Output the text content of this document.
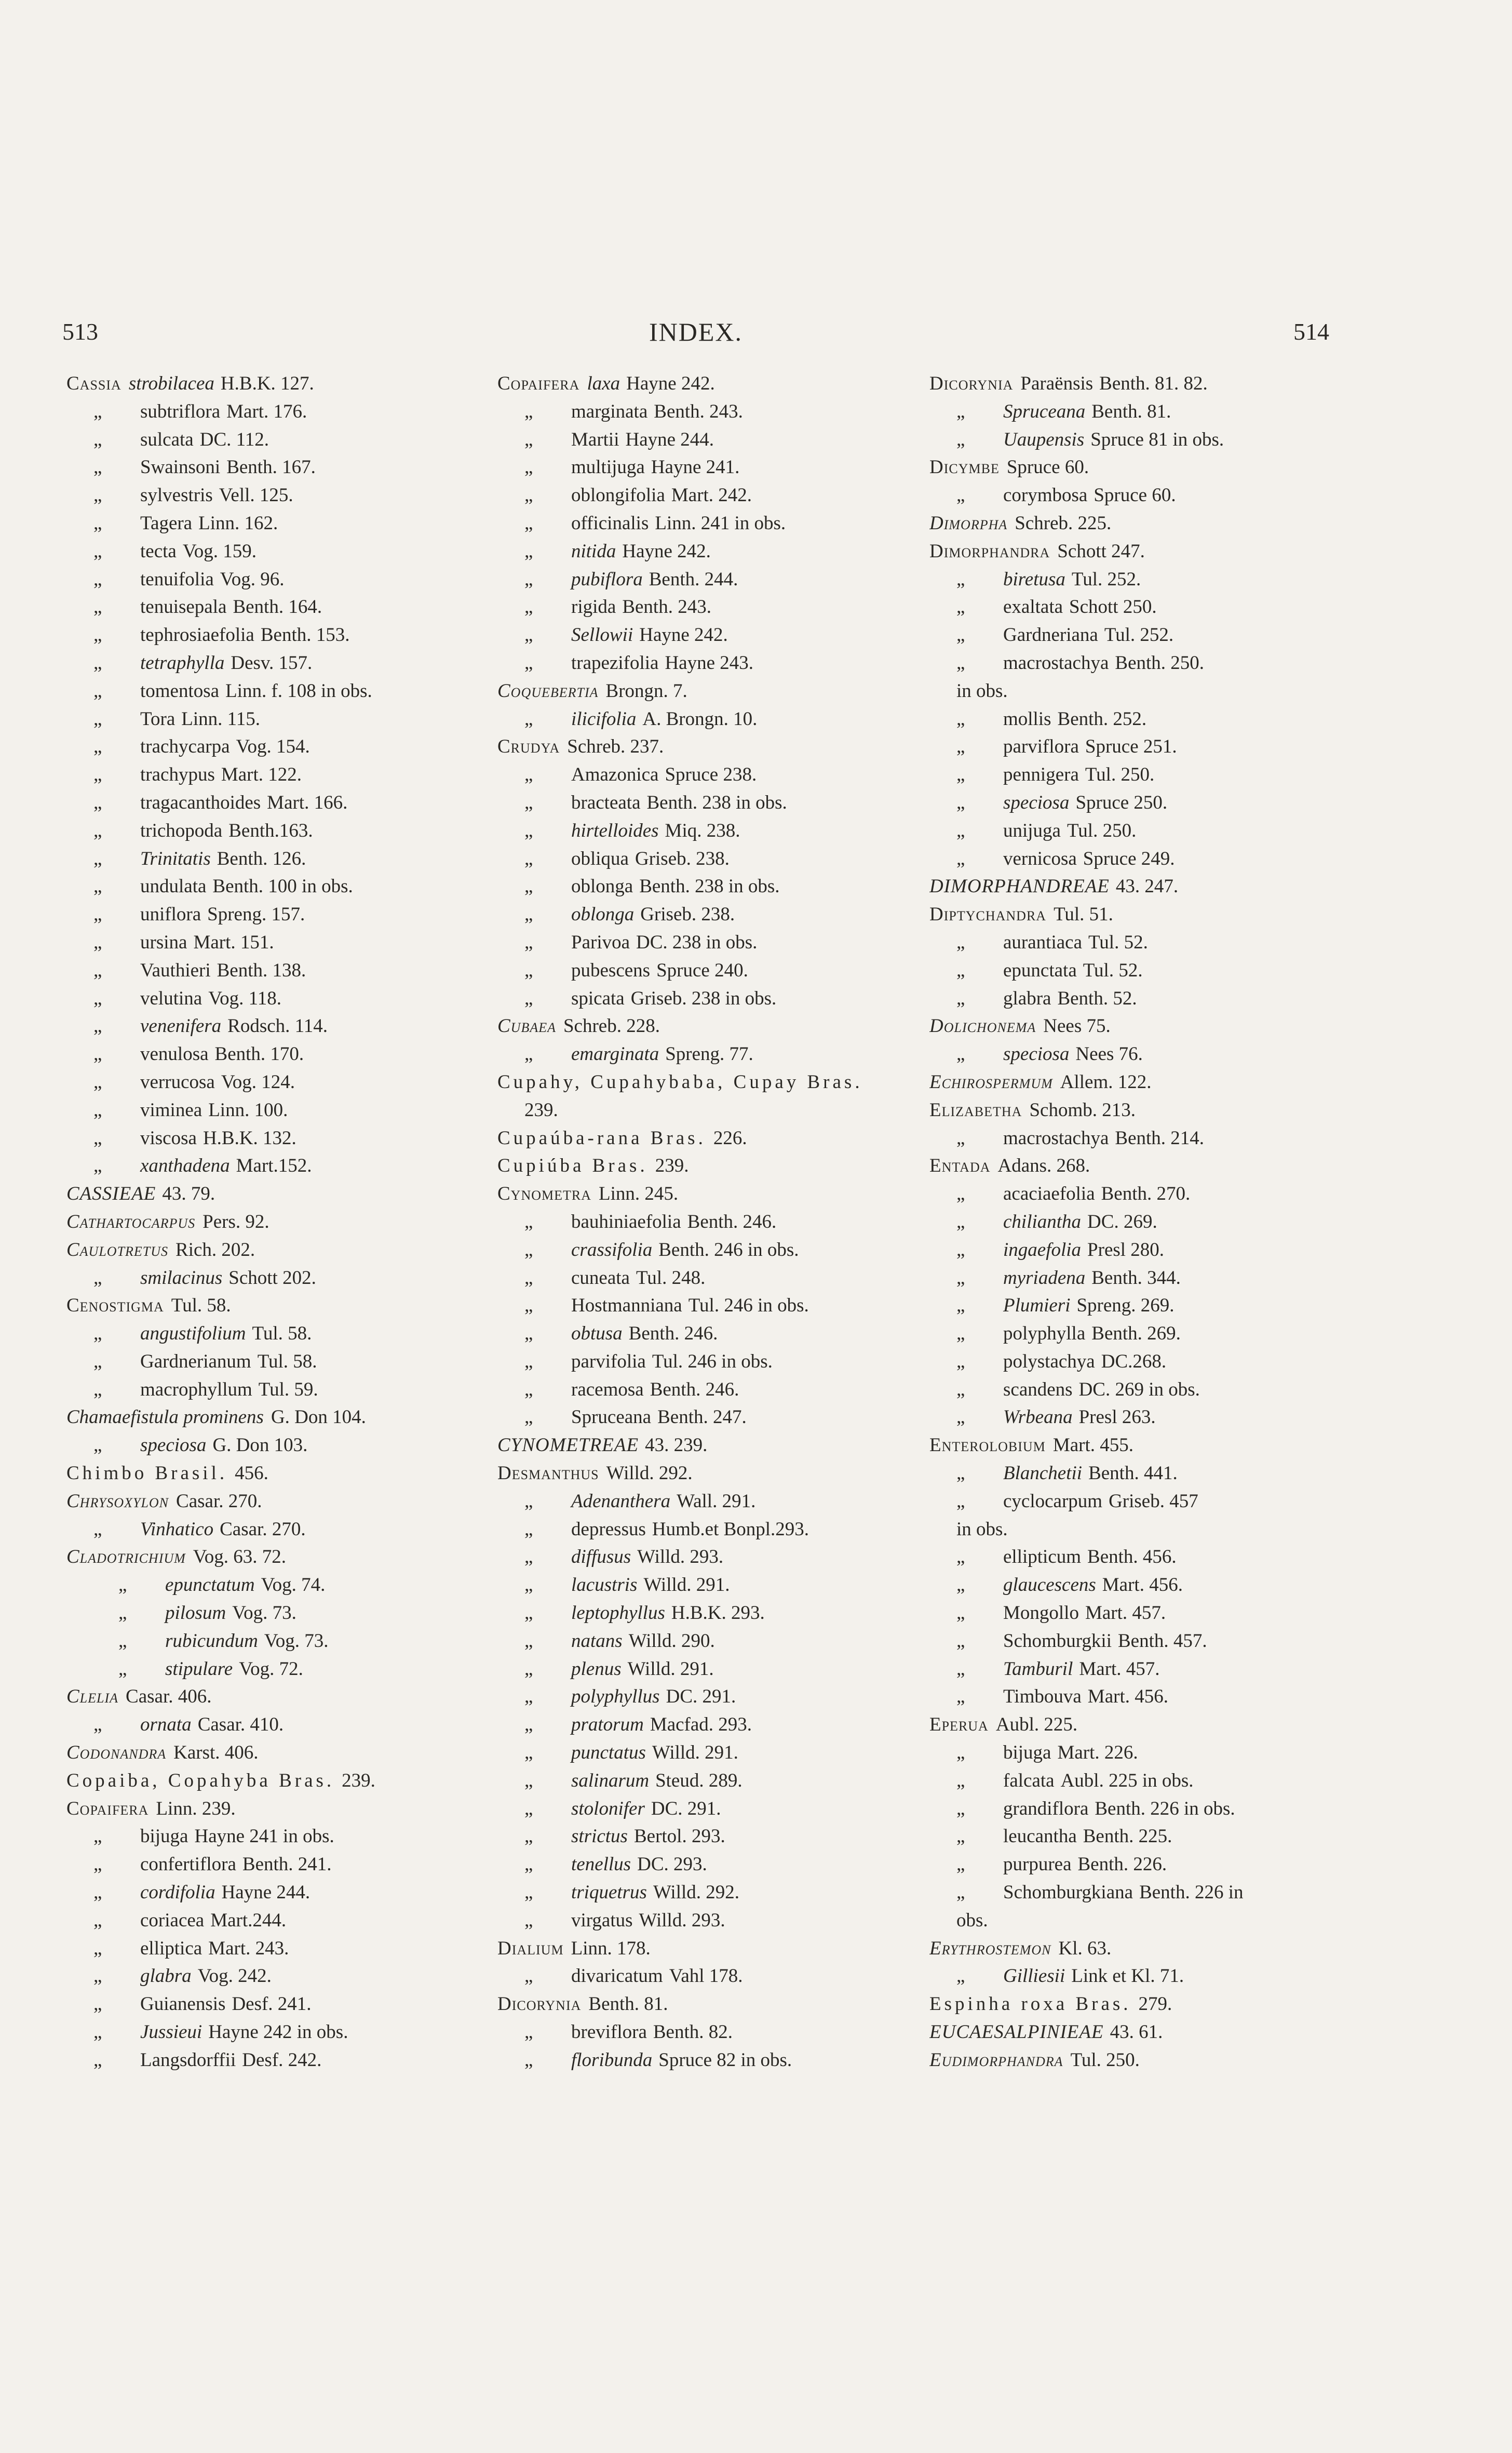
513	INDEX.	514
Cassia strobilacea H.B.K. 127.
„ subtriflora Mart. 176.
„ sulcata DC. 112.
„ Swainsoni Benth. 167.
„ sylvestris Vell. 125.
„ Tagera Linn. 162.
„ tecta Vog. 159.
„ tenuifolia Vog. 96.
„ tenuisepala Benth. 164.
„ tephrosiaefolia Benth. 153.
„ tetraphylla Desv. 157.
„ tomentosa Linn. f. 108 in obs.
„ Tora Linn. 115.
„ trachycarpa Vog. 154.
„ trachypus Mart. 122.
„ tragacanthoides Mart. 166.
„ trichopoda Benth.163.
„ Trinitatis Benth. 126.
„ undulata Benth. 100 in obs.
„ uniflora Spreng. 157.
„ ursina Mart. 151.
„ Vauthieri Benth. 138.
„ velutina Vog. 118.
„ venenifera Rodsch. 114.
„ venulosa Benth. 170.
„ verrucosa Vog. 124.
„ viminea Linn. 100.
„ viscosa H.B.K. 132.
„ xanthadena Mart.152.
CASSIEAE 43. 79.
Cathartocarpus Pers. 92.
Caulotretus Rich. 202.
„ smilacinus Schott 202.
Cenostigma Tul. 58.
„ angustifolium Tul. 58.
„ Gardnerianum Tul. 58.
„ macrophyllum Tul. 59.
Chamaefistula prominens G. Don 104.
„ speciosa G. Don 103.
Chimbo Brasil. 456.
Chrysoxylon Casar. 270.
„ Vinhatico Casar. 270.
Cladotrichium Vog. 63. 72.
„ epunctatum Vog. 74.
„ pilosum Vog. 73.
„ rubicundum Vog. 73.
„ stipulare Vog. 72.
Clelia Casar. 406.
„ ornata Casar. 410.
Codonandra Karst. 406.
Copaiba, Copahyba Bras. 239.
Copaifera Linn. 239.
„ bijuga Hayne 241 in obs.
„ confertiflora Benth. 241.
„ cordifolia Hayne 244.
„ coriacea Mart.244.
„ elliptica Mart. 243.
„ glabra Vog. 242.
„ Guianensis Desf. 241.
„ Jussieui Hayne 242 in obs.
„ Langsdorffii Desf. 242.
Copaifera laxa Hayne 242.
„ marginata Benth. 243.
„ Martii Hayne 244.
„ multijuga Hayne 241.
„ oblongifolia Mart. 242.
„ officinalis Linn. 241 in obs.
„ nitida Hayne 242.
„ pubiflora Benth. 244.
„ rigida Benth. 243.
„ Sellowii Hayne 242.
„ trapezifolia Hayne 243.
Coquebertia Brongn. 7.
„ ilicifolia A. Brongn. 10.
Crudya Schreb. 237.
„ Amazonica Spruce 238.
„ bracteata Benth. 238 in obs.
„ hirtelloides Miq. 238.
„ obliqua Griseb. 238.
„ oblonga Benth. 238 in obs.
„ oblonga Griseb. 238.
„ Parivoa DC. 238 in obs.
„ pubescens Spruce 240.
„ spicata Griseb. 238 in obs.
Cubaea Schreb. 228.
„ emarginata Spreng. 77.
Cupahy, Cupahybaba, Cupay Bras.
239.
Cupaúba-rana Bras. 226.
Cupiúba Bras. 239.
Cynometra Linn. 245.
„ bauhiniaefolia Benth. 246.
„ crassifolia Benth. 246 in obs.
„ cuneata Tul. 248.
„ Hostmanniana Tul. 246 in obs.
„ obtusa Benth. 246.
„ parvifolia Tul. 246 in obs.
„ racemosa Benth. 246.
„ Spruceana Benth. 247.
CYNOMETREAE 43. 239.
Desmanthus Willd. 292.
„ Adenanthera Wall. 291.
„ depressus Humb.et Bonpl.293.
„ diffusus Willd. 293.
„ lacustris Willd. 291.
„ leptophyllus H.B.K. 293.
„ natans Willd. 290.
„ plenus Willd. 291.
„ polyphyllus DC. 291.
„ pratorum Macfad. 293.
„ punctatus Willd. 291.
„ salinarum Steud. 289.
„ stolonifer DC. 291.
„ strictus Bertol. 293.
„ tenellus DC. 293.
„ triquetrus Willd. 292.
„ virgatus Willd. 293.
Dialium Linn. 178.
„ divaricatum Vahl 178.
Dicorynia Benth. 81.
„ breviflora Benth. 82.
„ floribunda Spruce 82 in obs.
Dicorynia Paraënsis Benth. 81. 82.
„ Spruceana Benth. 81.
„ Uaupensis Spruce 81 in obs.
Dicymbe Spruce 60.
„ corymbosa Spruce 60.
Dimorpha Schreb. 225.
Dimorphandra Schott 247.
„ biretusa Tul. 252.
„ exaltata Schott 250.
„ Gardneriana Tul. 252.
„ macrostachya Benth. 250.
in obs.
„ mollis Benth. 252.
„ parviflora Spruce 251.
„ pennigera Tul. 250.
„ speciosa Spruce 250.
„ unijuga Tul. 250.
„ vernicosa Spruce 249.
DIMORPHANDREAE 43. 247.
Diptychandra Tul. 51.
„ aurantiaca Tul. 52.
„ epunctata Tul. 52.
„ glabra Benth. 52.
Dolichonema Nees 75.
„ speciosa Nees 76.
Echirospermum Allem. 122.
Elizabetha Schomb. 213.
„ macrostachya Benth. 214.
Entada Adans. 268.
„ acaciaefolia Benth. 270.
„ chiliantha DC. 269.
„ ingaefolia Presl 280.
„ myriadena Benth. 344.
„ Plumieri Spreng. 269.
„ polyphylla Benth. 269.
„ polystachya DC.268.
„ scandens DC. 269 in obs.
„ Wrbeana Presl 263.
Enterolobium Mart. 455.
„ Blanchetii Benth. 441.
„ cyclocarpum Griseb. 457
in obs.
„ ellipticum Benth. 456.
„ glaucescens Mart. 456.
„ Mongollo Mart. 457.
„ Schomburgkii Benth. 457.
„ Tamburil Mart. 457.
„ Timbouva Mart. 456.
Eperua Aubl. 225.
„ bijuga Mart. 226.
„ falcata Aubl. 225 in obs.
„ grandiflora Benth. 226 in obs.
„ leucantha Benth. 225.
„ purpurea Benth. 226.
„ Schomburgkiana Benth. 226 in
obs.
Erythrostemon Kl. 63.
„ Gilliesii Link et Kl. 71.
Espinha roxa Bras. 279.
EUCAESALPINIEAE 43. 61.
Eudimorphandra Tul. 250.
